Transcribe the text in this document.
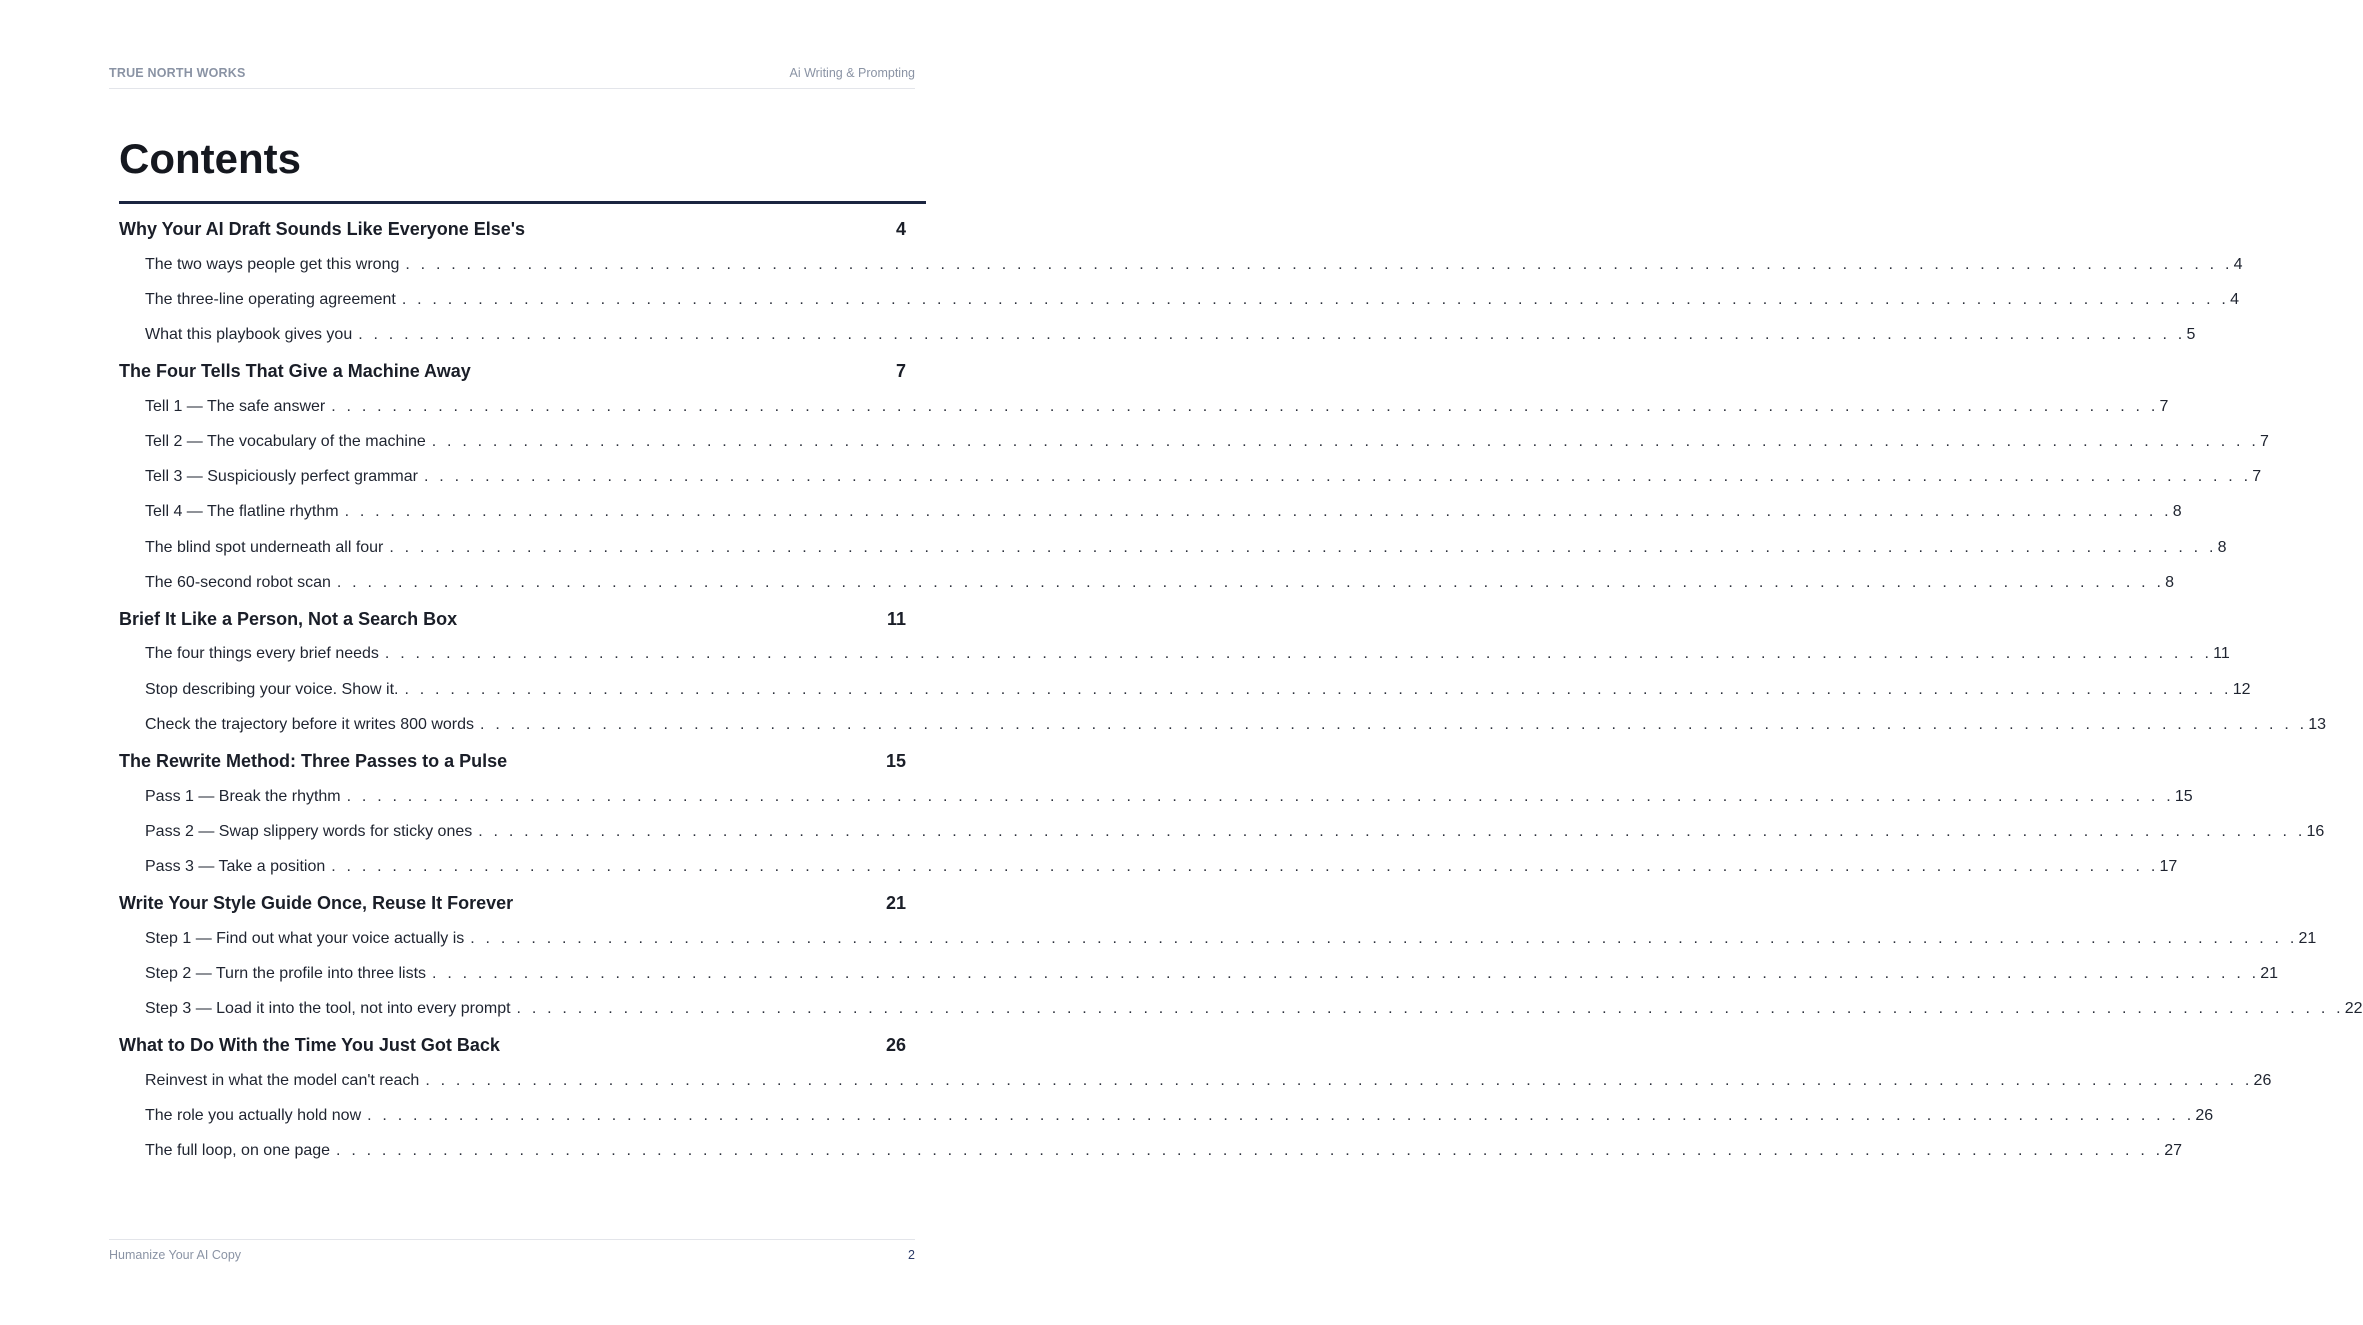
TRUE NORTH WORKS	Ai Writing & Prompting
Contents
Why Your AI Draft Sounds Like Everyone Else's	4
The two ways people get this wrong . . . . . . . . . . . . . . . . . . . . . . . . . . . . . . . . . . . . . . . . . . . . . . . . . . . . . . . . . . . . . . . . . . . . . . . . . . . . . . . . . . . . . . . . . . . . . . . . . . . . . . . . . . . . . . . . . . . . . . . . 4
The three-line operating agreement . . . . . . . . . . . . . . . . . . . . . . . . . . . . . . . . . . . . . . . . . . . . . . . . . . . . . . . . . . . . . . . . . . . . . . . . . . . . . . . . . . . . . . . . . . . . . . . . . . . . . . . . . . . . . . . . . . . . . . . . 4
What this playbook gives you . . . . . . . . . . . . . . . . . . . . . . . . . . . . . . . . . . . . . . . . . . . . . . . . . . . . . . . . . . . . . . . . . . . . . . . . . . . . . . . . . . . . . . . . . . . . . . . . . . . . . . . . . . . . . . . . . . . . . . . . 5
The Four Tells That Give a Machine Away	7
Tell 1 — The safe answer . . . . . . . . . . . . . . . . . . . . . . . . . . . . . . . . . . . . . . . . . . . . . . . . . . . . . . . . . . . . . . . . . . . . . . . . . . . . . . . . . . . . . . . . . . . . . . . . . . . . . . . . . . . . . . . . . . . . . . . . 7
Tell 2 — The vocabulary of the machine . . . . . . . . . . . . . . . . . . . . . . . . . . . . . . . . . . . . . . . . . . . . . . . . . . . . . . . . . . . . . . . . . . . . . . . . . . . . . . . . . . . . . . . . . . . . . . . . . . . . . . . . . . . . . . . . . . . . . . . . 7
Tell 3 — Suspiciously perfect grammar . . . . . . . . . . . . . . . . . . . . . . . . . . . . . . . . . . . . . . . . . . . . . . . . . . . . . . . . . . . . . . . . . . . . . . . . . . . . . . . . . . . . . . . . . . . . . . . . . . . . . . . . . . . . . . . . . . . . . . . . 7
Tell 4 — The flatline rhythm . . . . . . . . . . . . . . . . . . . . . . . . . . . . . . . . . . . . . . . . . . . . . . . . . . . . . . . . . . . . . . . . . . . . . . . . . . . . . . . . . . . . . . . . . . . . . . . . . . . . . . . . . . . . . . . . . . . . . . . . 8
The blind spot underneath all four . . . . . . . . . . . . . . . . . . . . . . . . . . . . . . . . . . . . . . . . . . . . . . . . . . . . . . . . . . . . . . . . . . . . . . . . . . . . . . . . . . . . . . . . . . . . . . . . . . . . . . . . . . . . . . . . . . . . . . . . 8
The 60-second robot scan . . . . . . . . . . . . . . . . . . . . . . . . . . . . . . . . . . . . . . . . . . . . . . . . . . . . . . . . . . . . . . . . . . . . . . . . . . . . . . . . . . . . . . . . . . . . . . . . . . . . . . . . . . . . . . . . . . . . . . . . 8
Brief It Like a Person, Not a Search Box	11
The four things every brief needs . . . . . . . . . . . . . . . . . . . . . . . . . . . . . . . . . . . . . . . . . . . . . . . . . . . . . . . . . . . . . . . . . . . . . . . . . . . . . . . . . . . . . . . . . . . . . . . . . . . . . . . . . . . . . . . . . . . . . . . . 11
Stop describing your voice. Show it. . . . . . . . . . . . . . . . . . . . . . . . . . . . . . . . . . . . . . . . . . . . . . . . . . . . . . . . . . . . . . . . . . . . . . . . . . . . . . . . . . . . . . . . . . . . . . . . . . . . . . . . . . . . . . . . . . . . . . . . . 12
Check the trajectory before it writes 800 words . . . . . . . . . . . . . . . . . . . . . . . . . . . . . . . . . . . . . . . . . . . . . . . . . . . . . . . . . . . . . . . . . . . . . . . . . . . . . . . . . . . . . . . . . . . . . . . . . . . . . . . . . . . . . . . . . . . . . . . . 13
The Rewrite Method: Three Passes to a Pulse	15
Pass 1 — Break the rhythm . . . . . . . . . . . . . . . . . . . . . . . . . . . . . . . . . . . . . . . . . . . . . . . . . . . . . . . . . . . . . . . . . . . . . . . . . . . . . . . . . . . . . . . . . . . . . . . . . . . . . . . . . . . . . . . . . . . . . . . . 15
Pass 2 — Swap slippery words for sticky ones . . . . . . . . . . . . . . . . . . . . . . . . . . . . . . . . . . . . . . . . . . . . . . . . . . . . . . . . . . . . . . . . . . . . . . . . . . . . . . . . . . . . . . . . . . . . . . . . . . . . . . . . . . . . . . . . . . . . . . . . 16
Pass 3 — Take a position . . . . . . . . . . . . . . . . . . . . . . . . . . . . . . . . . . . . . . . . . . . . . . . . . . . . . . . . . . . . . . . . . . . . . . . . . . . . . . . . . . . . . . . . . . . . . . . . . . . . . . . . . . . . . . . . . . . . . . . . 17
Write Your Style Guide Once, Reuse It Forever	21
Step 1 — Find out what your voice actually is . . . . . . . . . . . . . . . . . . . . . . . . . . . . . . . . . . . . . . . . . . . . . . . . . . . . . . . . . . . . . . . . . . . . . . . . . . . . . . . . . . . . . . . . . . . . . . . . . . . . . . . . . . . . . . . . . . . . . . . . 21
Step 2 — Turn the profile into three lists . . . . . . . . . . . . . . . . . . . . . . . . . . . . . . . . . . . . . . . . . . . . . . . . . . . . . . . . . . . . . . . . . . . . . . . . . . . . . . . . . . . . . . . . . . . . . . . . . . . . . . . . . . . . . . . . . . . . . . . . 21
Step 3 — Load it into the tool, not into every prompt . . . . . . . . . . . . . . . . . . . . . . . . . . . . . . . . . . . . . . . . . . . . . . . . . . . . . . . . . . . . . . . . . . . . . . . . . . . . . . . . . . . . . . . . . . . . . . . . . . . . . . . . . . . . . . . . . . . . . . . . 22
What to Do With the Time You Just Got Back	26
Reinvest in what the model can't reach . . . . . . . . . . . . . . . . . . . . . . . . . . . . . . . . . . . . . . . . . . . . . . . . . . . . . . . . . . . . . . . . . . . . . . . . . . . . . . . . . . . . . . . . . . . . . . . . . . . . . . . . . . . . . . . . . . . . . . . . 26
The role you actually hold now . . . . . . . . . . . . . . . . . . . . . . . . . . . . . . . . . . . . . . . . . . . . . . . . . . . . . . . . . . . . . . . . . . . . . . . . . . . . . . . . . . . . . . . . . . . . . . . . . . . . . . . . . . . . . . . . . . . . . . . . 26
The full loop, on one page . . . . . . . . . . . . . . . . . . . . . . . . . . . . . . . . . . . . . . . . . . . . . . . . . . . . . . . . . . . . . . . . . . . . . . . . . . . . . . . . . . . . . . . . . . . . . . . . . . . . . . . . . . . . . . . . . . . . . . . . 27
Humanize Your AI Copy	2
